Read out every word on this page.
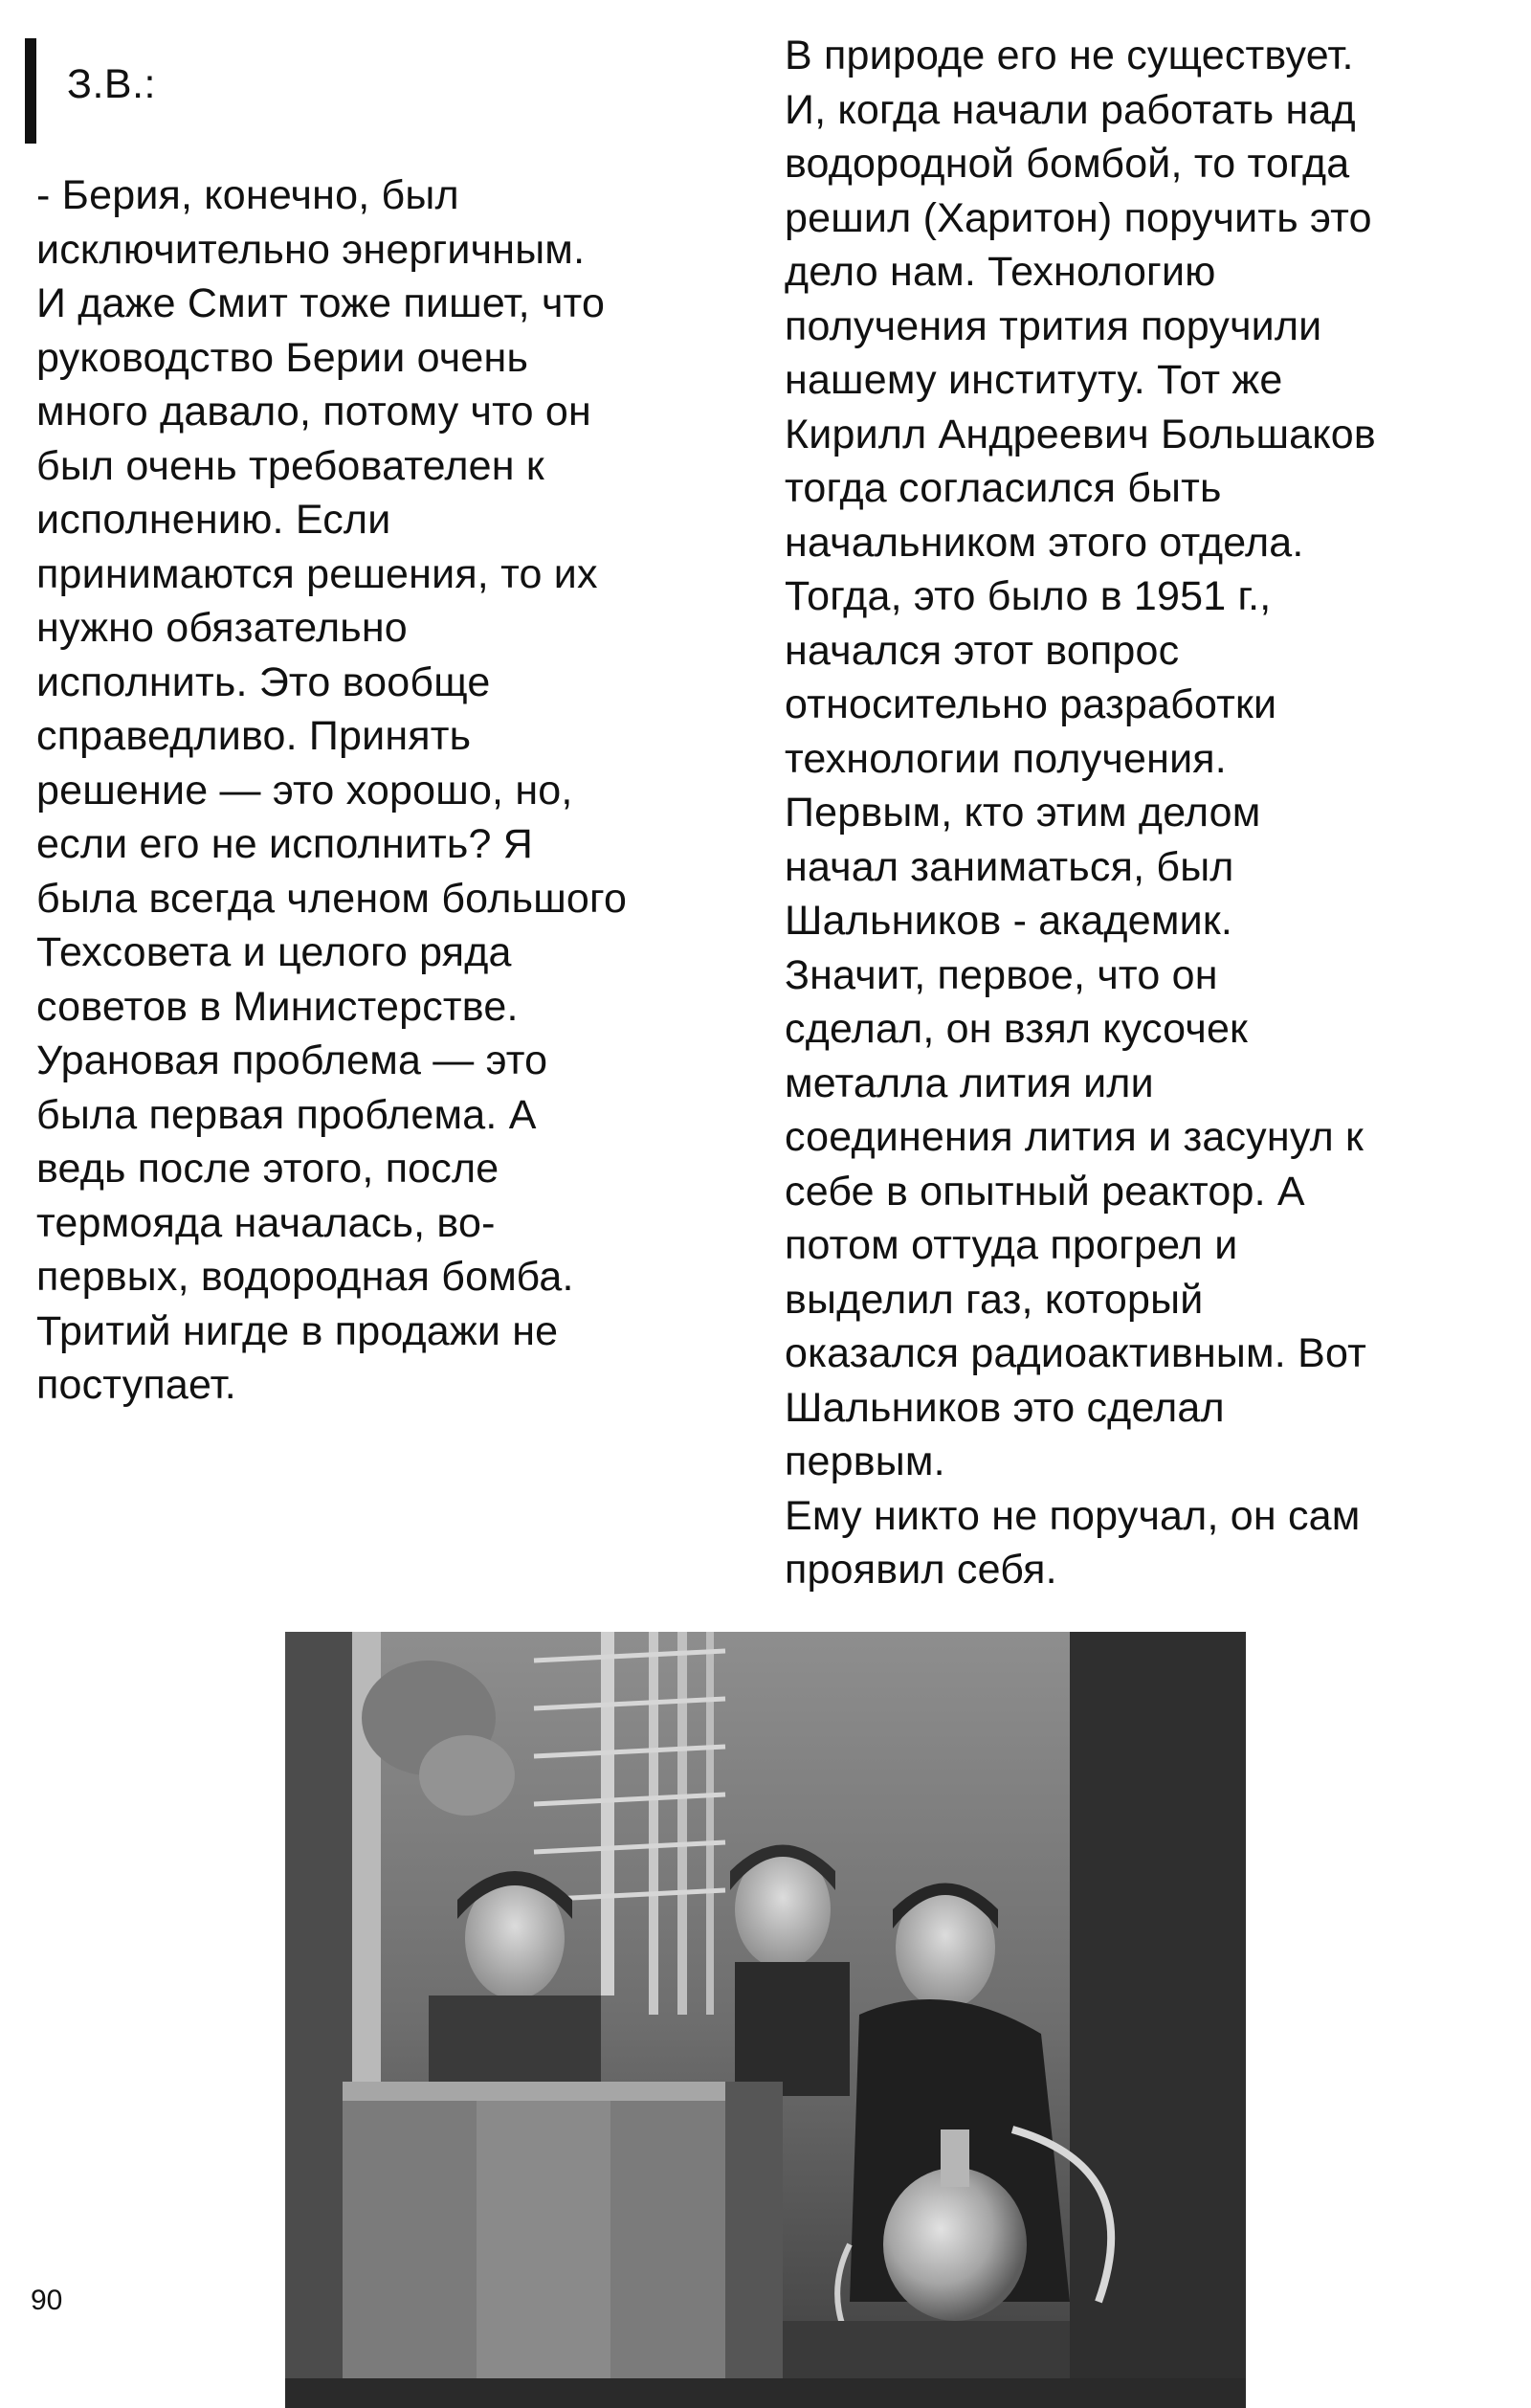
З.В.:
- Берия, конечно, был
исключительно энергичным.
И даже Смит тоже пишет, что
руководство Берии очень
много давало, потому что он
был очень требователен к
исполнению. Если
принимаются решения, то их
нужно обязательно
исполнить. Это вообще
справедливо. Принять
решение — это хорошо, но,
если его не исполнить? Я
была всегда членом большого
Техсовета и целого ряда
советов в Министерстве.
Урановая проблема — это
была первая проблема. А
ведь после этого, после
термояда началась, во-
первых, водородная бомба.
Тритий нигде в продажи не
поступает.
В природе его не существует.
И, когда начали работать над
водородной бомбой, то тогда
решил (Харитон) поручить это
дело нам. Технологию
получения трития поручили
нашему институту. Тот же
Кирилл Андреевич Большаков
тогда согласился быть
начальником этого отдела.
Тогда, это было в 1951 г.,
начался этот вопрос
относительно разработки
технологии получения.
Первым, кто этим делом
начал заниматься, был
Шальников - академик.
Значит, первое, что он
сделал, он взял кусочек
металла лития или
соединения лития и засунул к
себе в опытный реактор. А
потом оттуда прогрел и
выделил газ, который
оказался радиоактивным. Вот
Шальников это сделал
первым.
Ему никто не поручал, он сам
проявил себя.
90
